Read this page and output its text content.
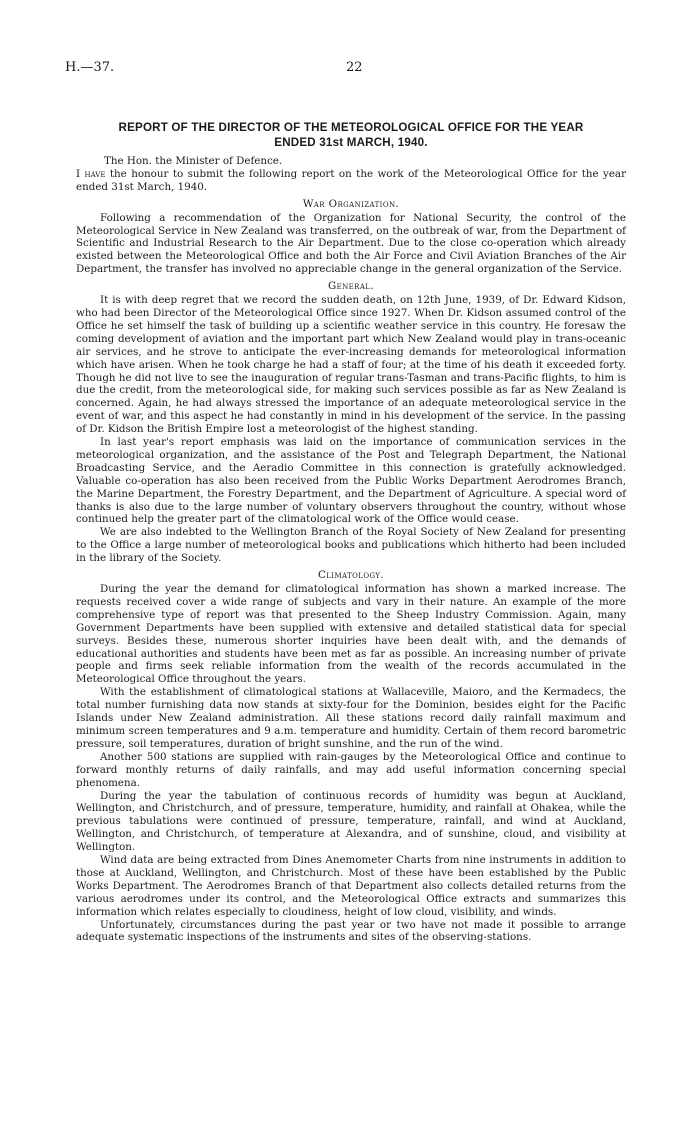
H.—37.	22
REPORT OF THE DIRECTOR OF THE METEOROLOGICAL OFFICE FOR THE YEAR
ENDED 31st MARCH, 1940.
The Hon. the Minister of Defence.

I have the honour to submit the following report on the work of the Meteorological Office for the year ended 31st March, 1940.

War Organization.

Following a recommendation of the Organization for National Security, the control of the Meteorological Service in New Zealand was transferred, on the outbreak of war, from the Department of Scientific and Industrial Research to the Air Department. Due to the close co-operation which already existed between the Meteorological Office and both the Air Force and Civil Aviation Branches of the Air Department, the transfer has involved no appreciable change in the general organization of the Service.

General.

It is with deep regret that we record the sudden death, on 12th June, 1939, of Dr. Edward Kidson, who had been Director of the Meteorological Office since 1927. When Dr. Kidson assumed control of the Office he set himself the task of building up a scientific weather service in this country. He foresaw the coming development of aviation and the important part which New Zealand would play in trans-oceanic air services, and he strove to anticipate the ever-increasing demands for meteorological information which have arisen. When he took charge he had a staff of four; at the time of his death it exceeded forty. Though he did not live to see the inauguration of regular trans-Tasman and trans-Pacific flights, to him is due the credit, from the meteorological side, for making such services possible as far as New Zealand is concerned. Again, he had always stressed the importance of an adequate meteorological service in the event of war, and this aspect he had constantly in mind in his development of the service. In the passing of Dr. Kidson the British Empire lost a meteorologist of the highest standing.

In last year's report emphasis was laid on the importance of communication services in the meteorological organization, and the assistance of the Post and Telegraph Department, the National Broadcasting Service, and the Aeradio Committee in this connection is gratefully acknowledged. Valuable co-operation has also been received from the Public Works Department Aerodromes Branch, the Marine Department, the Forestry Department, and the Department of Agriculture. A special word of thanks is also due to the large number of voluntary observers throughout the country, without whose continued help the greater part of the climatological work of the Office would cease.

We are also indebted to the Wellington Branch of the Royal Society of New Zealand for presenting to the Office a large number of meteorological books and publications which hitherto had been included in the library of the Society.

Climatology.

During the year the demand for climatological information has shown a marked increase. The requests received cover a wide range of subjects and vary in their nature. An example of the more comprehensive type of report was that presented to the Sheep Industry Commission. Again, many Government Departments have been supplied with extensive and detailed statistical data for special surveys. Besides these, numerous shorter inquiries have been dealt with, and the demands of educational authorities and students have been met as far as possible. An increasing number of private people and firms seek reliable information from the wealth of the records accumulated in the Meteorological Office throughout the years.

With the establishment of climatological stations at Wallaceville, Maioro, and the Kermadecs, the total number furnishing data now stands at sixty-four for the Dominion, besides eight for the Pacific Islands under New Zealand administration. All these stations record daily rainfall maximum and minimum screen temperatures and 9 a.m. temperature and humidity. Certain of them record barometric pressure, soil temperatures, duration of bright sunshine, and the run of the wind.

Another 500 stations are supplied with rain-gauges by the Meteorological Office and continue to forward monthly returns of daily rainfalls, and may add useful information concerning special phenomena.

During the year the tabulation of continuous records of humidity was begun at Auckland, Wellington, and Christchurch, and of pressure, temperature, humidity, and rainfall at Ohakea, while the previous tabulations were continued of pressure, temperature, rainfall, and wind at Auckland, Wellington, and Christchurch, of temperature at Alexandra, and of sunshine, cloud, and visibility at Wellington.

Wind data are being extracted from Dines Anemometer Charts from nine instruments in addition to those at Auckland, Wellington, and Christchurch. Most of these have been established by the Public Works Department. The Aerodromes Branch of that Department also collects detailed returns from the various aerodromes under its control, and the Meteorological Office extracts and summarizes this information which relates especially to cloudiness, height of low cloud, visibility, and winds.

Unfortunately, circumstances during the past year or two have not made it possible to arrange adequate systematic inspections of the instruments and sites of the observing-stations.
